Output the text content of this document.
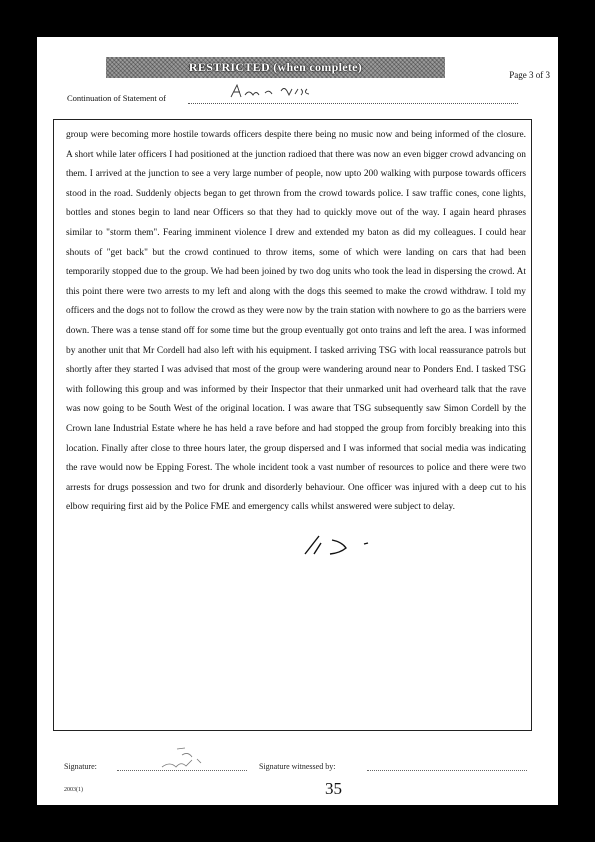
RESTRICTED (when complete)
Page 3 of 3
Continuation of Statement of

group were becoming more hostile towards officers despite there being no music now and being informed of the closure. A short while later officers I had positioned at the junction radioed that there was now an even bigger crowd advancing on them. I arrived at the junction to see a very large number of people, now upto 200 walking with purpose towards officers stood in the road. Suddenly objects began to get thrown from the crowd towards police. I saw traffic cones, cone lights, bottles and stones begin to land near Officers so that they had to quickly move out of the way. I again heard phrases similar to "storm them". Fearing imminent violence I drew and extended my baton as did my colleagues. I could hear shouts of "get back" but the crowd continued to throw items, some of which were landing on cars that had been temporarily stopped due to the group. We had been joined by two dog units who took the lead in dispersing the crowd. At this point there were two arrests to my left and along with the dogs this seemed to make the crowd withdraw. I told my officers and the dogs not to follow the crowd as they were now by the train station with nowhere to go as the barriers were down. There was a tense stand off for some time but the group eventually got onto trains and left the area. I was informed by another unit that Mr Cordell had also left with his equipment. I tasked arriving TSG with local reassurance patrols but shortly after they started I was advised that most of the group were wandering around near to Ponders End. I tasked TSG with following this group and was informed by their Inspector that their unmarked unit had overheard talk that the rave was now going to be South West of the original location. I was aware that TSG subsequently saw Simon Cordell by the Crown lane Industrial Estate where he has held a rave before and had stopped the group from forcibly breaking into this location. Finally after close to three hours later, the group dispersed and I was informed that social media was indicating the rave would now be Epping Forest. The whole incident took a vast number of resources to police and there were two arrests for drugs possession and two for drunk and disorderly behaviour. One officer was injured with a deep cut to his elbow requiring first aid by the Police FME and emergency calls whilst answered were subject to delay.

Signature:	Signature witnessed by:
35
2003(1)
